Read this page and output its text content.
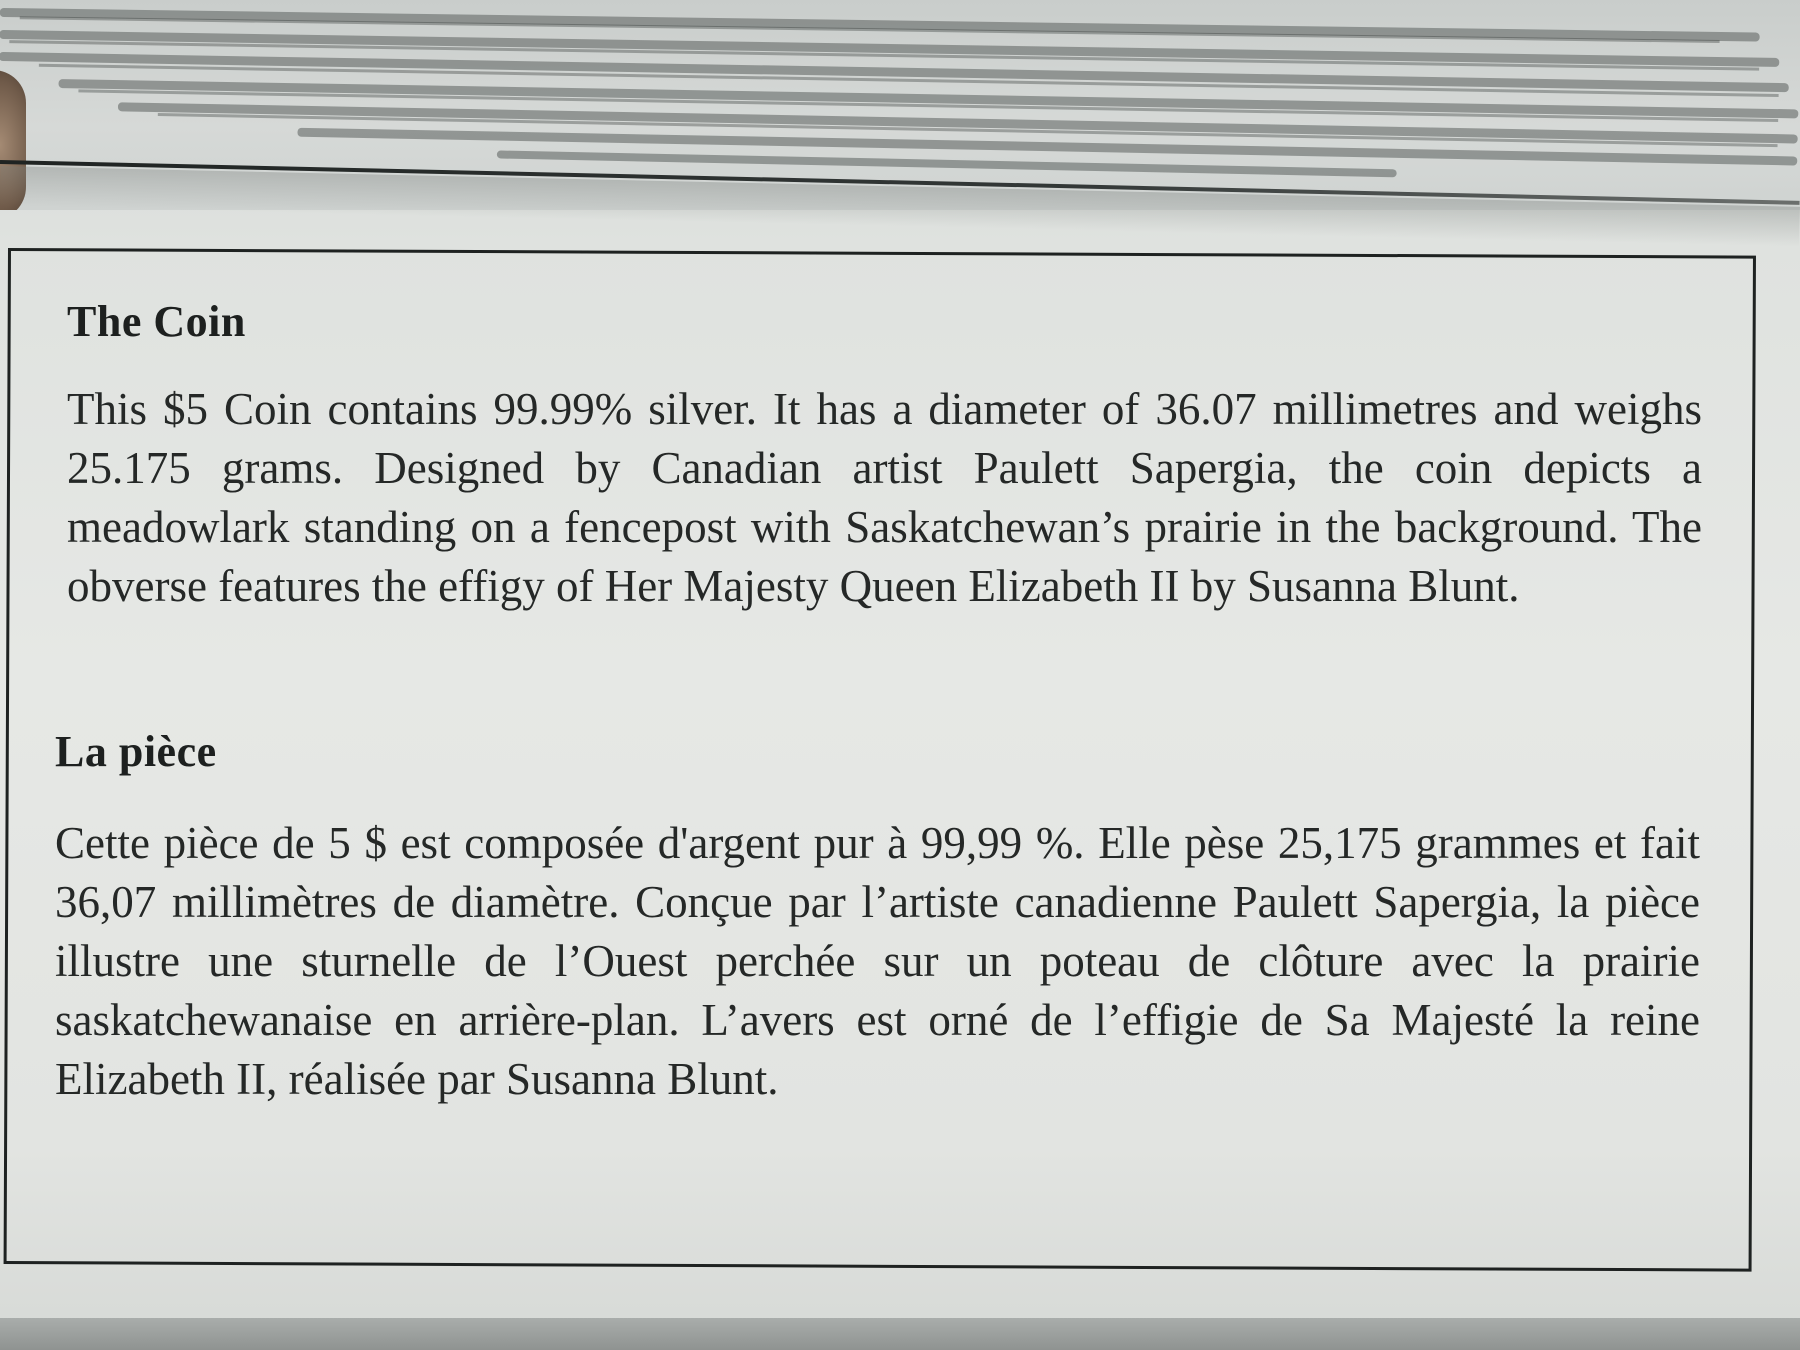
The Coin

This $5 Coin contains 99.99% silver. It has a diameter of 36.07 millimetres and weighs 25.175 grams. Designed by Canadian artist Paulett Sapergia, the coin depicts a meadowlark standing on a fencepost with Saskatchewan’s prairie in the background. The obverse features the effigy of Her Majesty Queen Elizabeth II by Susanna Blunt.

La pièce

Cette pièce de 5 $ est composée d'argent pur à 99,99 %. Elle pèse 25,175 grammes et fait 36,07 millimètres de diamètre. Conçue par l’artiste canadienne Paulett Sapergia, la pièce illustre une sturnelle de l’Ouest perchée sur un poteau de clôture avec la prairie saskatchewanaise en arrière-plan. L’avers est orné de l’effigie de Sa Majesté la reine Elizabeth II, réalisée par Susanna Blunt.
